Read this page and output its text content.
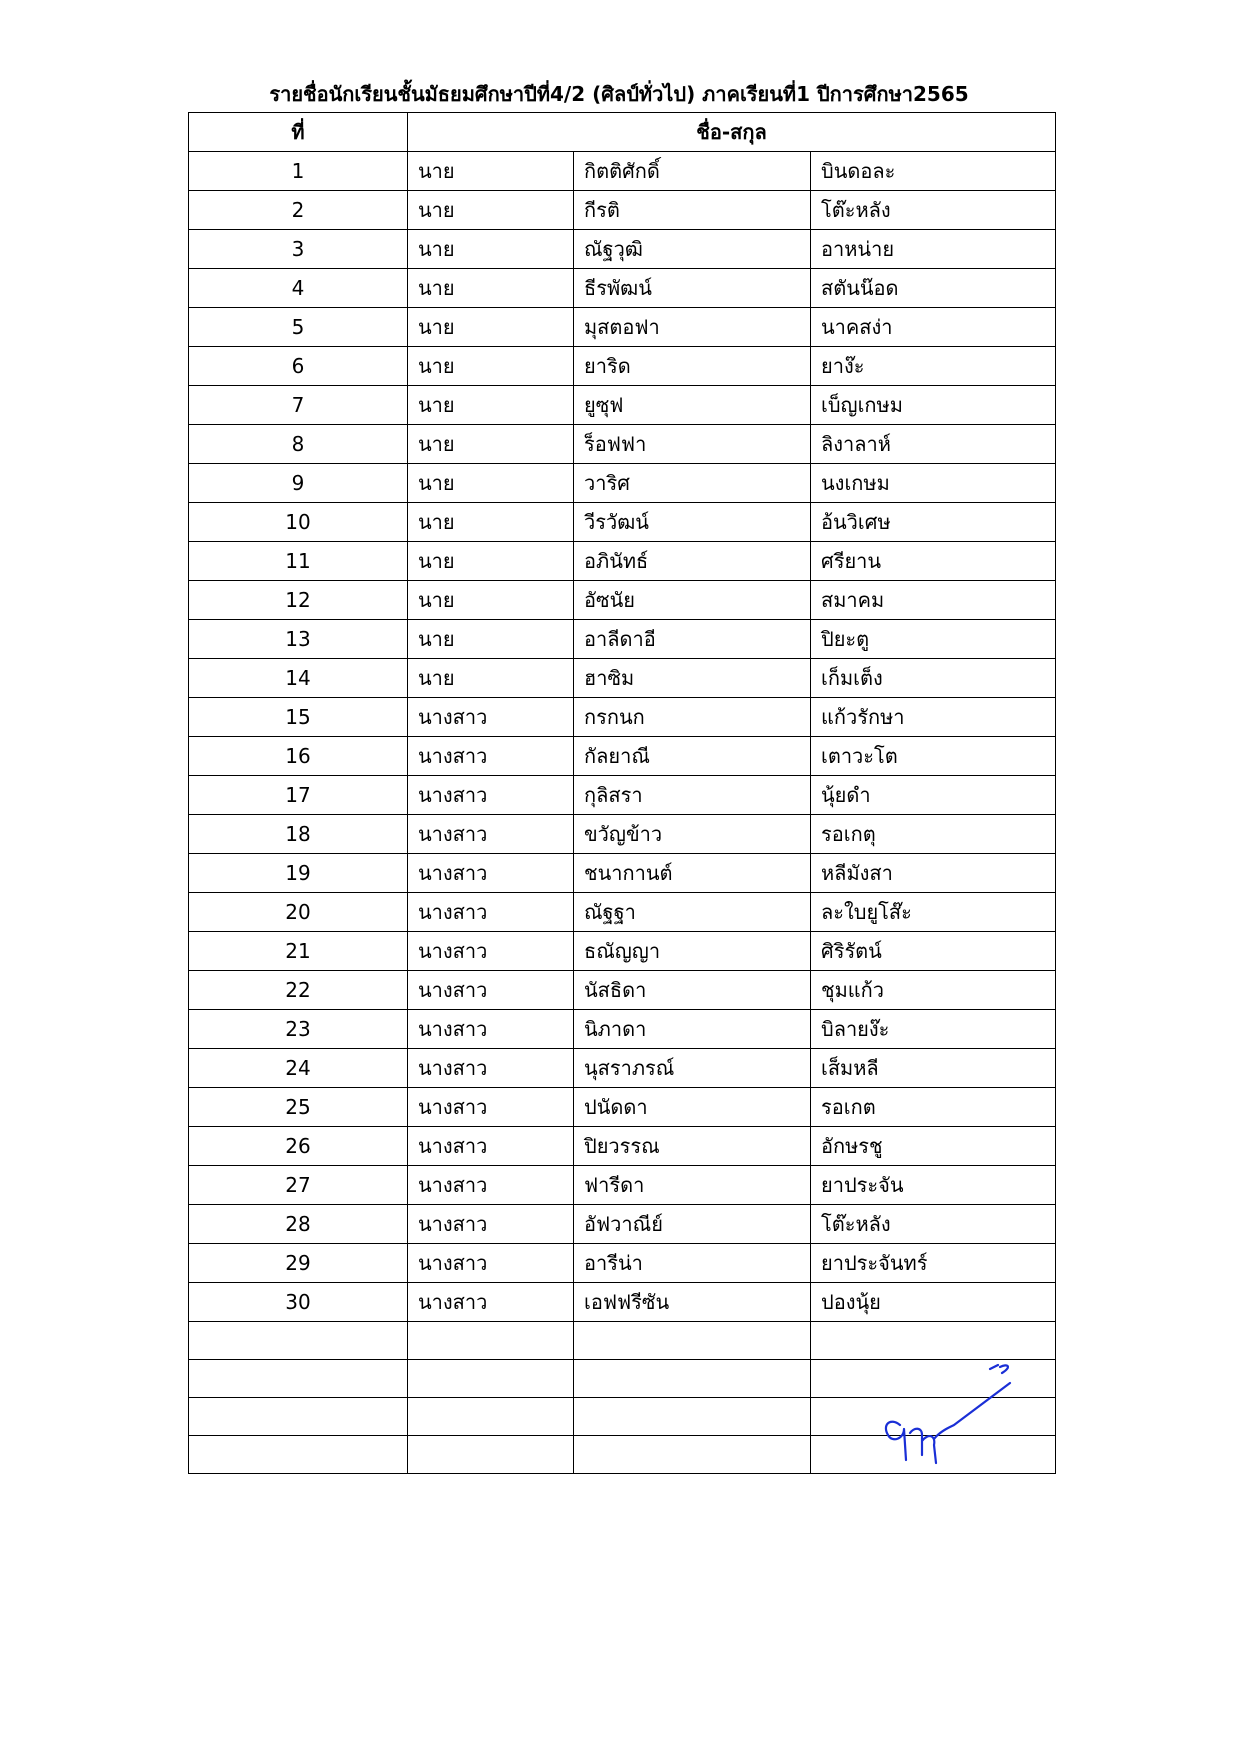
รายชื่อนักเรียนชั้นมัธยมศึกษาปีที่4/2 (ศิลป์ทั่วไป) ภาคเรียนที่1 ปีการศึกษา2565
ที่	ชื่อ-สกุล		
1	นาย	กิตติศักดิ์	บินดอละ
2	นาย	กีรติ	โต๊ะหลัง
3	นาย	ณัฐวุฒิ	อาหน่าย
4	นาย	ธีรพัฒน์	สตันน๊อด
5	นาย	มุสตอฟา	นาคสง่า
6	นาย	ยาริด	ยาง๊ะ
7	นาย	ยูซุฟ	เบ็ญเกษม
8	นาย	ร็อฟฟา	ลิงาลาห์
9	นาย	วาริศ	นงเกษม
10	นาย	วีรวัฒน์	อ้นวิเศษ
11	นาย	อภินัทธ์	ศรียาน
12	นาย	อัซนัย	สมาคม
13	นาย	อาลีดาอี	ปิยะตู
14	นาย	ฮาซิม	เก็มเต็ง
15	นางสาว	กรกนก	แก้วรักษา
16	นางสาว	กัลยาณี	เตาวะโต
17	นางสาว	กุลิสรา	นุ้ยดำ
18	นางสาว	ขวัญข้าว	รอเกตุ
19	นางสาว	ชนากานต์	หลีมังสา
20	นางสาว	ณัฐฐา	ละใบยูโส๊ะ
21	นางสาว	ธณัญญา	ศิริรัตน์
22	นางสาว	นัสธิดา	ชุมแก้ว
23	นางสาว	นิภาดา	บิลายง๊ะ
24	นางสาว	นุสราภรณ์	เส็มหลี
25	นางสาว	ปนัดดา	รอเกต
26	นางสาว	ปิยวรรณ	อักษรชู
27	นางสาว	ฟารีดา	ยาประจัน
28	นางสาว	อัฟวาณีย์	โต๊ะหลัง
29	นางสาว	อารีน่า	ยาประจันทร์
30	นางสาว	เอฟฟรีซัน	ปองนุ้ย
